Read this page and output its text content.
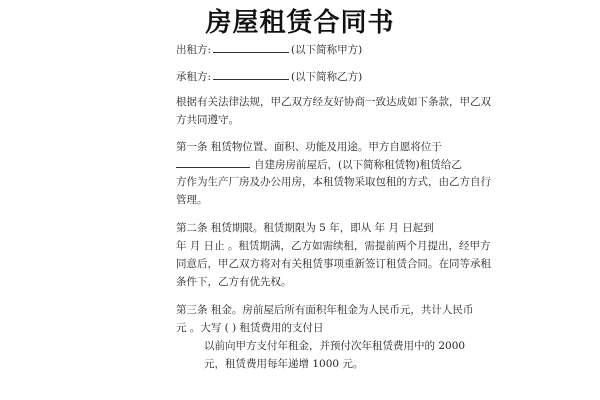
房屋租赁合同书
出租方:	(以下简称甲方)
承租方:	(以下简称乙方)
根据有关法律法规，甲乙双方经友好协商一致达成如下条款，甲乙双
方共同遵守。
第一条 租赁物位置、面积、功能及用途。甲方自愿将位于
自建房房前屋后，(以下简称租赁物)租赁给乙
方作为生产厂房及办公用房，本租赁物采取包租的方式，由乙方自行
管理。
第二条 租赁期限。租赁期限为 5 年，即从 年 月 日起到
年 月 日止 。租赁期满，乙方如需续租，需提前两个月提出，经甲方
同意后，甲乙双方将对有关租赁事项重新签订租赁合同。在同等承租
条件下，乙方有优先权。
第三条 租金。房前屋后所有面积年租金为人民币元，共计人民币
元 。大写 ( ) 租赁费用的支付日
以前向甲方支付年租金，并预付次年租赁费用中的 2000
元，租赁费用每年递增 1000 元。
